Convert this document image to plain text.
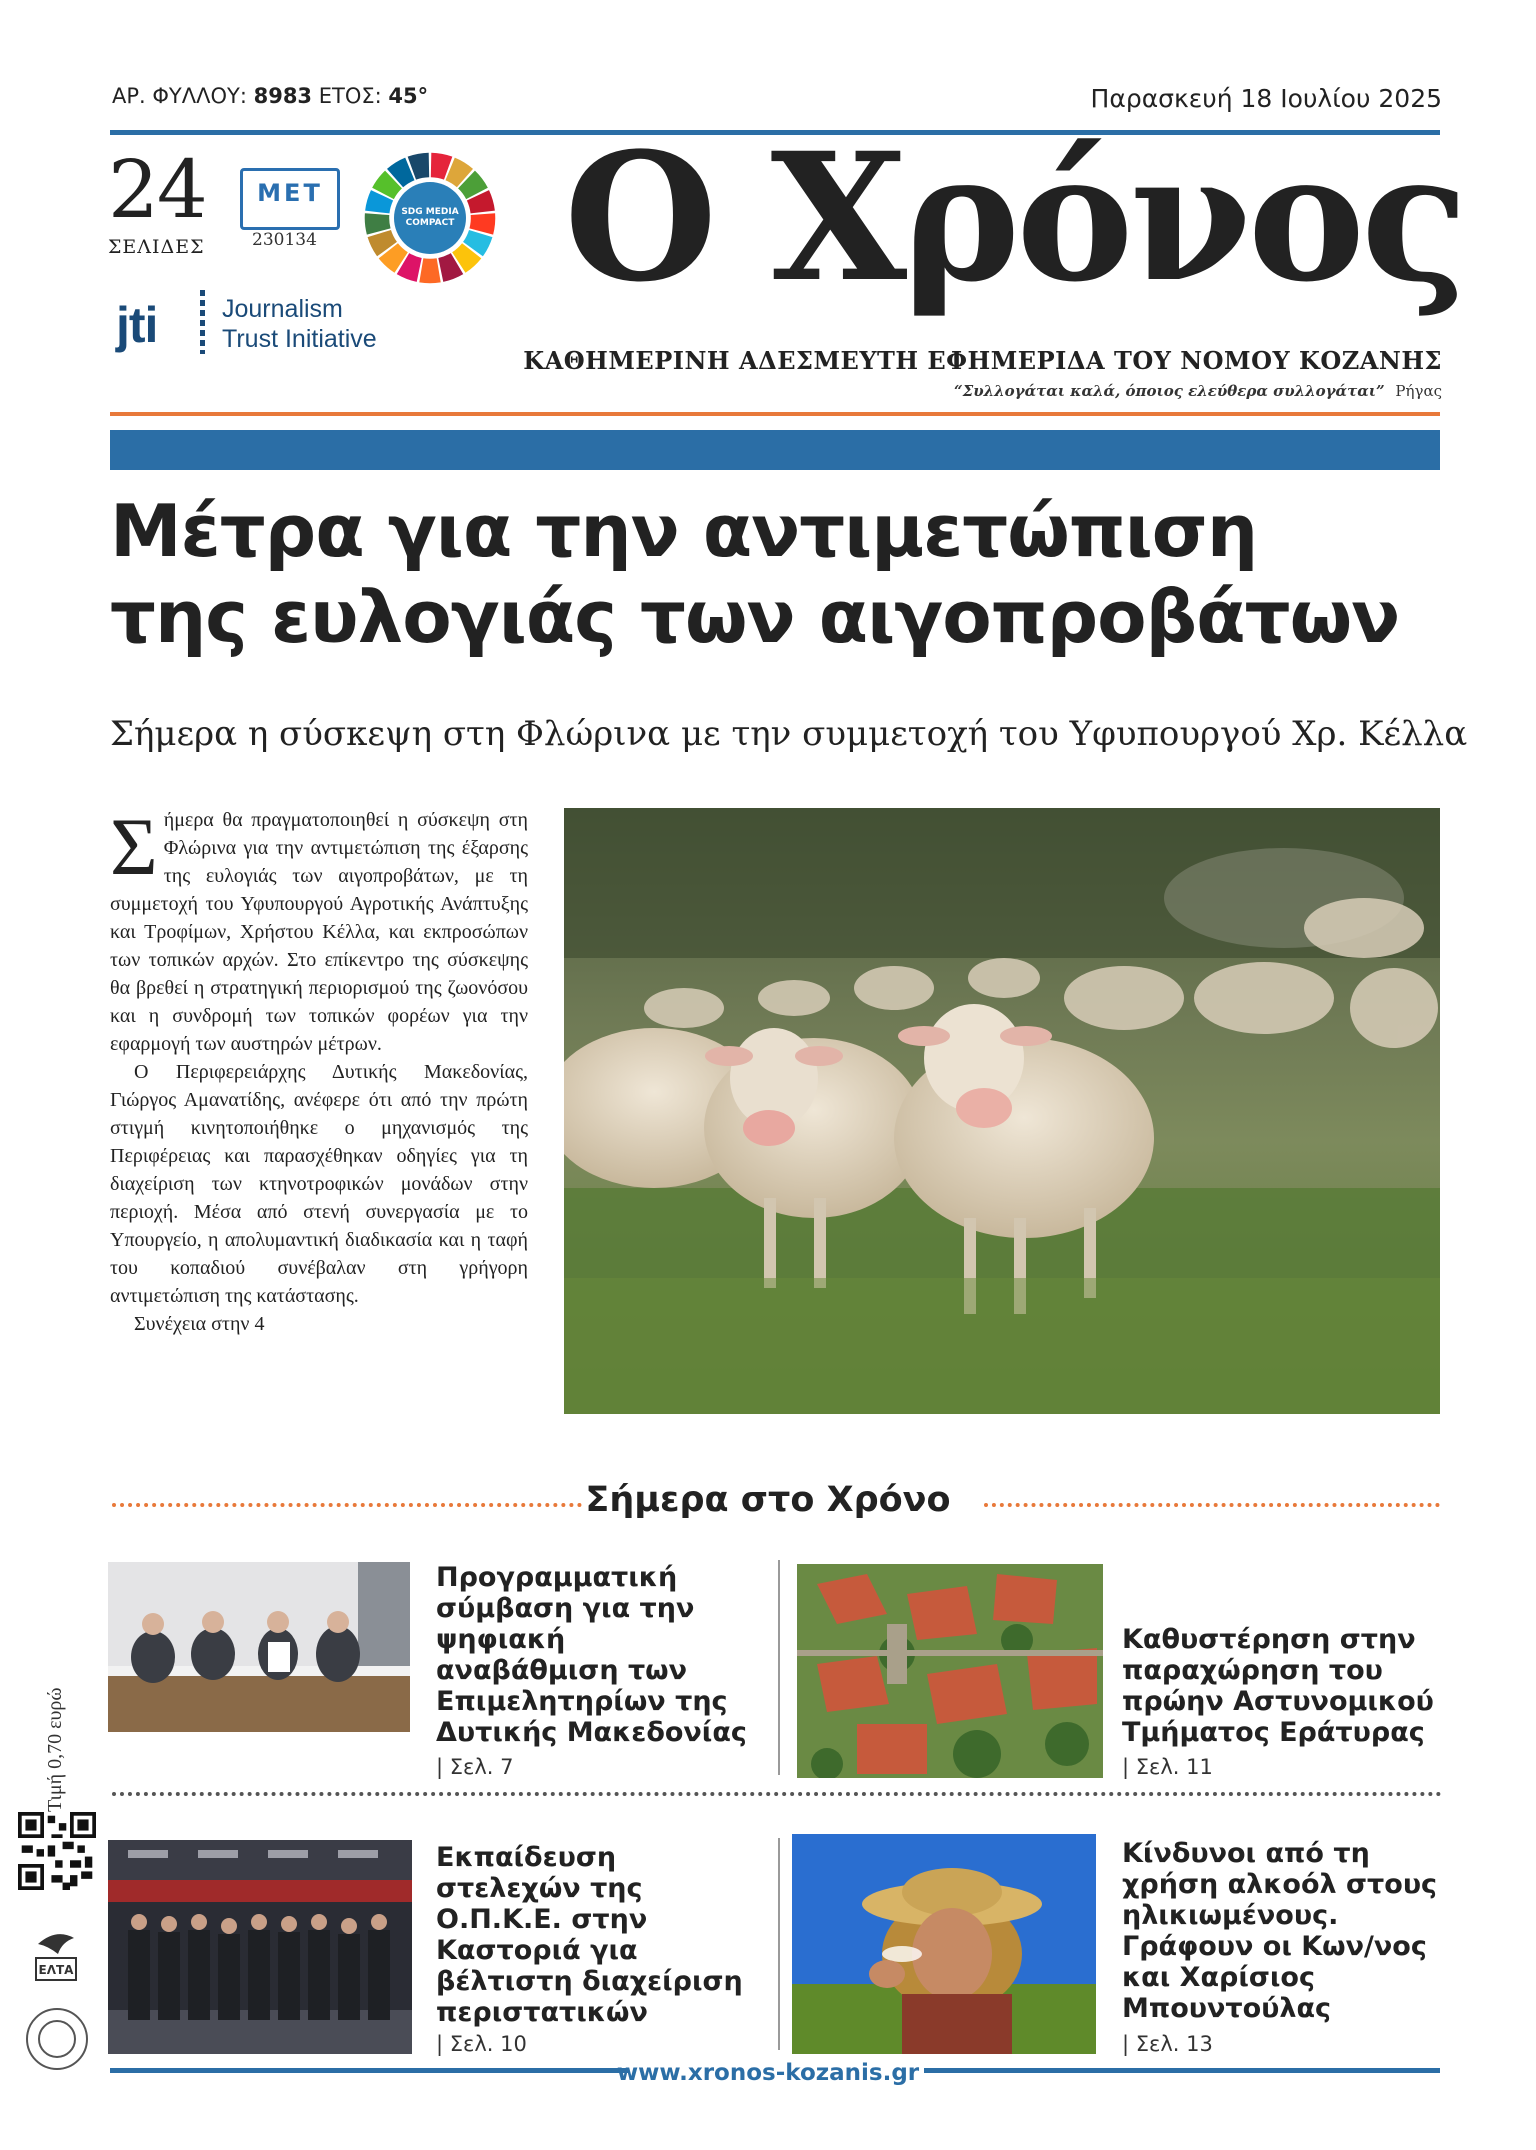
ΑΡ. ΦΥΛΛΟΥ: 8983 ΕΤΟΣ: 45°	Παρασκευή 18 Ιουλίου 2025
24
ΣΕΛΙΔΕΣ
ΜΕΤ
230134
SDG MEDIA COMPACT
jti	Journalism
Trust Initiative
Ο Χρόνος
ΚΑΘΗΜΕΡΙΝΗ ΑΔΕΣΜΕΥΤΗ ΕΦΗΜΕΡΙΔΑ ΤΟΥ ΝΟΜΟΥ ΚΟΖΑΝΗΣ
“Συλλογάται καλά, όποιος ελεύθερα συλλογάται” Ρήγας
Μέτρα για την αντιμετώπιση
της ευλογιάς των αιγοπροβάτων
Σήμερα η σύσκεψη στη Φλώρινα με την συμμετοχή του Υφυπουργού Χρ. Κέλλα

Σήμερα θα πραγματοποιηθεί η σύσκεψη στη Φλώρινα για την αντιμετώπιση της έξαρσης της ευλογιάς των αιγοπροβάτων, με τη συμμετοχή του Υφυπουργού Αγροτικής Ανάπτυξης και Τροφίμων, Χρήστου Κέλλα, και εκπροσώπων των τοπικών αρχών. Στο επίκεντρο της σύσκεψης θα βρεθεί η στρατηγική περιορισμού της ζωονόσου και η συνδρομή των τοπικών φορέων για την εφαρμογή των αυστηρών μέτρων.

Ο Περιφερειάρχης Δυτικής Μακεδονίας, Γιώργος Αμανατίδης, ανέφερε ότι από την πρώτη στιγμή κινητοποιήθηκε ο μηχανισμός της Περιφέρειας και παρασχέθηκαν οδηγίες για τη διαχείριση των κτηνοτροφικών μονάδων στην περιοχή. Μέσα από στενή συνεργασία με το Υπουργείο, η απολυμαντική διαδικασία και η ταφή του κοπαδιού συνέβαλαν στη γρήγορη αντιμετώπιση της κατάστασης.

Συνέχεια στην 4

Σήμερα στο Χρόνο
Προγραμματική σύμβαση για την ψηφιακή αναβάθμιση των Επιμελητηρίων της Δυτικής Μακεδονίας
| Σελ. 7
Καθυστέρηση στην παραχώρηση του πρώην Αστυνομικού Τμήματος Εράτυρας
| Σελ. 11
Εκπαίδευση στελεχών της Ο.Π.Κ.Ε. στην Καστοριά για βέλτιστη διαχείριση περιστατικών
| Σελ. 10
Κίνδυνοι από τη χρήση αλκοόλ στους ηλικιωμένους. Γράφουν οι Κων/νος και Χαρίσιος Μπουντούλας
| Σελ. 13
Τιμή 0,70 ευρώ
ΕΛΤΑ
www.xronos-kozanis.gr
